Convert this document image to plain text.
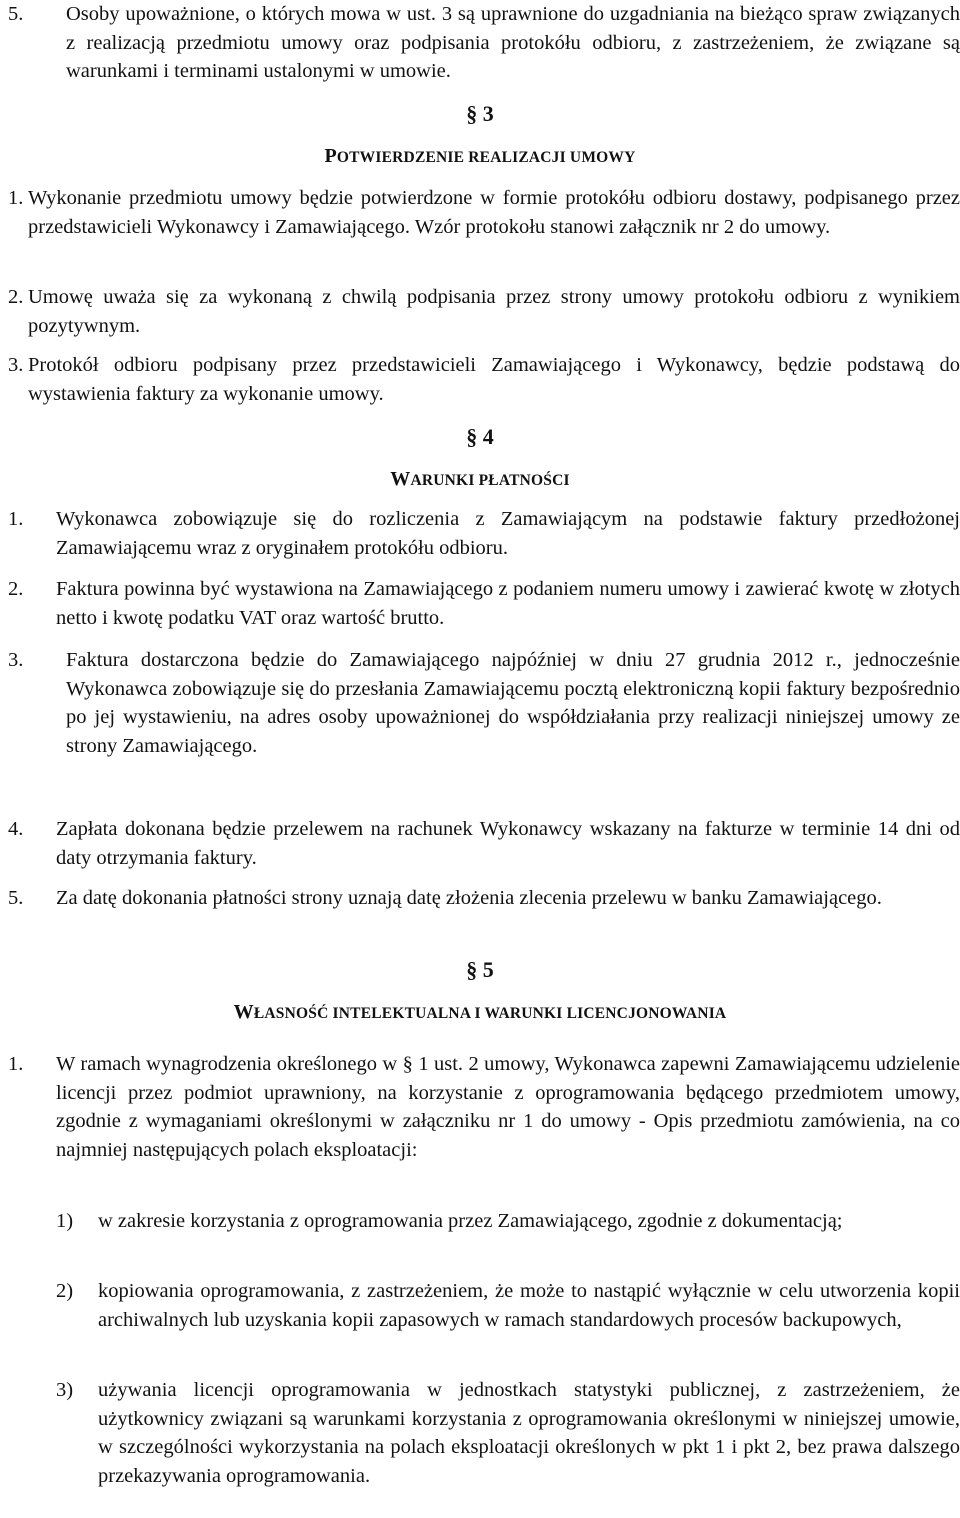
5. Osoby upoważnione, o których mowa w ust. 3 są uprawnione do uzgadniania na bieżąco spraw związanych z realizacją przedmiotu umowy oraz podpisania protokółu odbioru, z zastrzeżeniem, że związane są warunkami i terminami ustalonymi w umowie.
§ 3
POTWIERDZENIE REALIZACJI UMOWY
1. Wykonanie przedmiotu umowy będzie potwierdzone w formie protokółu odbioru dostawy, podpisanego przez przedstawicieli Wykonawcy i Zamawiającego. Wzór protokołu stanowi załącznik nr 2 do umowy.
2. Umowę uważa się za wykonaną z chwilą podpisania przez strony umowy protokołu odbioru z wynikiem pozytywnym.
3. Protokół odbioru podpisany przez przedstawicieli Zamawiającego i Wykonawcy, będzie podstawą do wystawienia faktury za wykonanie umowy.
§ 4
WARUNKI PŁATNOŚCI
1. Wykonawca zobowiązuje się do rozliczenia z Zamawiającym na podstawie faktury przedłożonej Zamawiającemu wraz z oryginałem protokółu odbioru.
2. Faktura powinna być wystawiona na Zamawiającego z podaniem numeru umowy i zawierać kwotę w złotych netto i kwotę podatku VAT oraz wartość brutto.
3. Faktura dostarczona będzie do Zamawiającego najpóźniej w dniu 27 grudnia 2012 r., jednocześnie Wykonawca zobowiązuje się do przesłania Zamawiającemu pocztą elektroniczną kopii faktury bezpośrednio po jej wystawieniu, na adres osoby upoważnionej do współdziałania przy realizacji niniejszej umowy ze strony Zamawiającego.
4. Zapłata dokonana będzie przelewem na rachunek Wykonawcy wskazany na fakturze w terminie 14 dni od daty otrzymania faktury.
5. Za datę dokonania płatności strony uznają datę złożenia zlecenia przelewu w banku Zamawiającego.
§ 5
WŁASNOŚĆ INTELEKTUALNA I WARUNKI LICENCJONOWANIA
1. W ramach wynagrodzenia określonego w § 1 ust. 2 umowy, Wykonawca zapewni Zamawiającemu udzielenie licencji przez podmiot uprawniony, na korzystanie z oprogramowania będącego przedmiotem umowy, zgodnie z wymaganiami określonymi w załączniku nr 1 do umowy - Opis przedmiotu zamówienia, na co najmniej następujących polach eksploatacji:
1) w zakresie korzystania z oprogramowania przez Zamawiającego, zgodnie z dokumentacją;
2) kopiowania oprogramowania, z zastrzeżeniem, że może to nastąpić wyłącznie w celu utworzenia kopii archiwalnych lub uzyskania kopii zapasowych w ramach standardowych procesów backupowych,
3) używania licencji oprogramowania w jednostkach statystyki publicznej, z zastrzeżeniem, że użytkownicy związani są warunkami korzystania z oprogramowania określonymi w niniejszej umowie, w szczególności wykorzystania na polach eksploatacji określonych w pkt 1 i pkt 2, bez prawa dalszego przekazywania oprogramowania.
